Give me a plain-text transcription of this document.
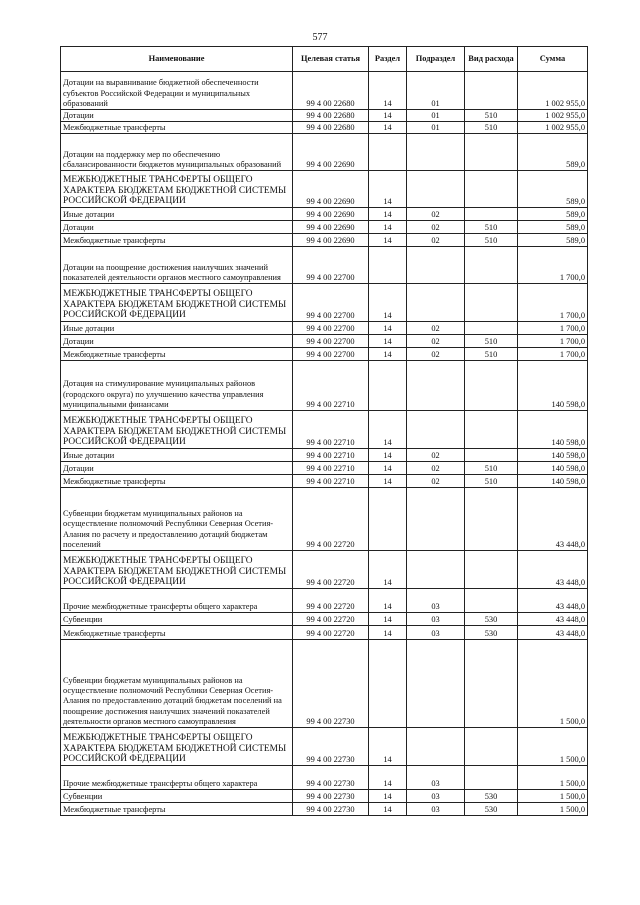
577
Наименование	Целевая статья	Раздел	Подраздел	Вид расхода	Сумма
Дотации на выравнивание бюджетной обеспеченности субъектов Российской Федерации и муниципальных образований	99 4 00 22680	14	01		1 002 955,0
Дотации	99 4 00 22680	14	01	510	1 002 955,0
Межбюджетные трансферты	99 4 00 22680	14	01	510	1 002 955,0
Дотации на поддержку мер по обеспечению сбалансированности бюджетов муниципальных образований	99 4 00 22690				589,0
МЕЖБЮДЖЕТНЫЕ ТРАНСФЕРТЫ ОБЩЕГО ХАРАКТЕРА БЮДЖЕТАМ БЮДЖЕТНОЙ СИСТЕМЫ РОССИЙСКОЙ ФЕДЕРАЦИИ	99 4 00 22690	14			589,0
Иные дотации	99 4 00 22690	14	02		589,0
Дотации	99 4 00 22690	14	02	510	589,0
Межбюджетные трансферты	99 4 00 22690	14	02	510	589,0
Дотации на поощрение достижения наилучших значений показателей деятельности органов местного самоуправления	99 4 00 22700				1 700,0
МЕЖБЮДЖЕТНЫЕ ТРАНСФЕРТЫ ОБЩЕГО ХАРАКТЕРА БЮДЖЕТАМ БЮДЖЕТНОЙ СИСТЕМЫ РОССИЙСКОЙ ФЕДЕРАЦИИ	99 4 00 22700	14			1 700,0
Иные дотации	99 4 00 22700	14	02		1 700,0
Дотации	99 4 00 22700	14	02	510	1 700,0
Межбюджетные трансферты	99 4 00 22700	14	02	510	1 700,0
Дотация на стимулирование муниципальных районов (городского округа) по улучшению качества управления муниципальными финансами	99 4 00 22710				140 598,0
МЕЖБЮДЖЕТНЫЕ ТРАНСФЕРТЫ ОБЩЕГО ХАРАКТЕРА БЮДЖЕТАМ БЮДЖЕТНОЙ СИСТЕМЫ РОССИЙСКОЙ ФЕДЕРАЦИИ	99 4 00 22710	14			140 598,0
Иные дотации	99 4 00 22710	14	02		140 598,0
Дотации	99 4 00 22710	14	02	510	140 598,0
Межбюджетные трансферты	99 4 00 22710	14	02	510	140 598,0
Субвенции бюджетам муниципальных районов на осуществление полномочий Республики Северная Осетия-Алания по расчету и предоставлению дотаций бюджетам поселений	99 4 00 22720				43 448,0
МЕЖБЮДЖЕТНЫЕ ТРАНСФЕРТЫ ОБЩЕГО ХАРАКТЕРА БЮДЖЕТАМ БЮДЖЕТНОЙ СИСТЕМЫ РОССИЙСКОЙ ФЕДЕРАЦИИ	99 4 00 22720	14			43 448,0
Прочие межбюджетные трансферты общего характера	99 4 00 22720	14	03		43 448,0
Субвенции	99 4 00 22720	14	03	530	43 448,0
Межбюджетные трансферты	99 4 00 22720	14	03	530	43 448,0
Субвенции бюджетам муниципальных районов на осуществление полномочий Республики Северная Осетия-Алания по предоставлению дотаций бюджетам поселений на поощрение достижения наилучших значений показателей деятельности органов местного самоуправления	99 4 00 22730				1 500,0
МЕЖБЮДЖЕТНЫЕ ТРАНСФЕРТЫ ОБЩЕГО ХАРАКТЕРА БЮДЖЕТАМ БЮДЖЕТНОЙ СИСТЕМЫ РОССИЙСКОЙ ФЕДЕРАЦИИ	99 4 00 22730	14			1 500,0
Прочие межбюджетные трансферты общего характера	99 4 00 22730	14	03		1 500,0
Субвенции	99 4 00 22730	14	03	530	1 500,0
Межбюджетные трансферты	99 4 00 22730	14	03	530	1 500,0
